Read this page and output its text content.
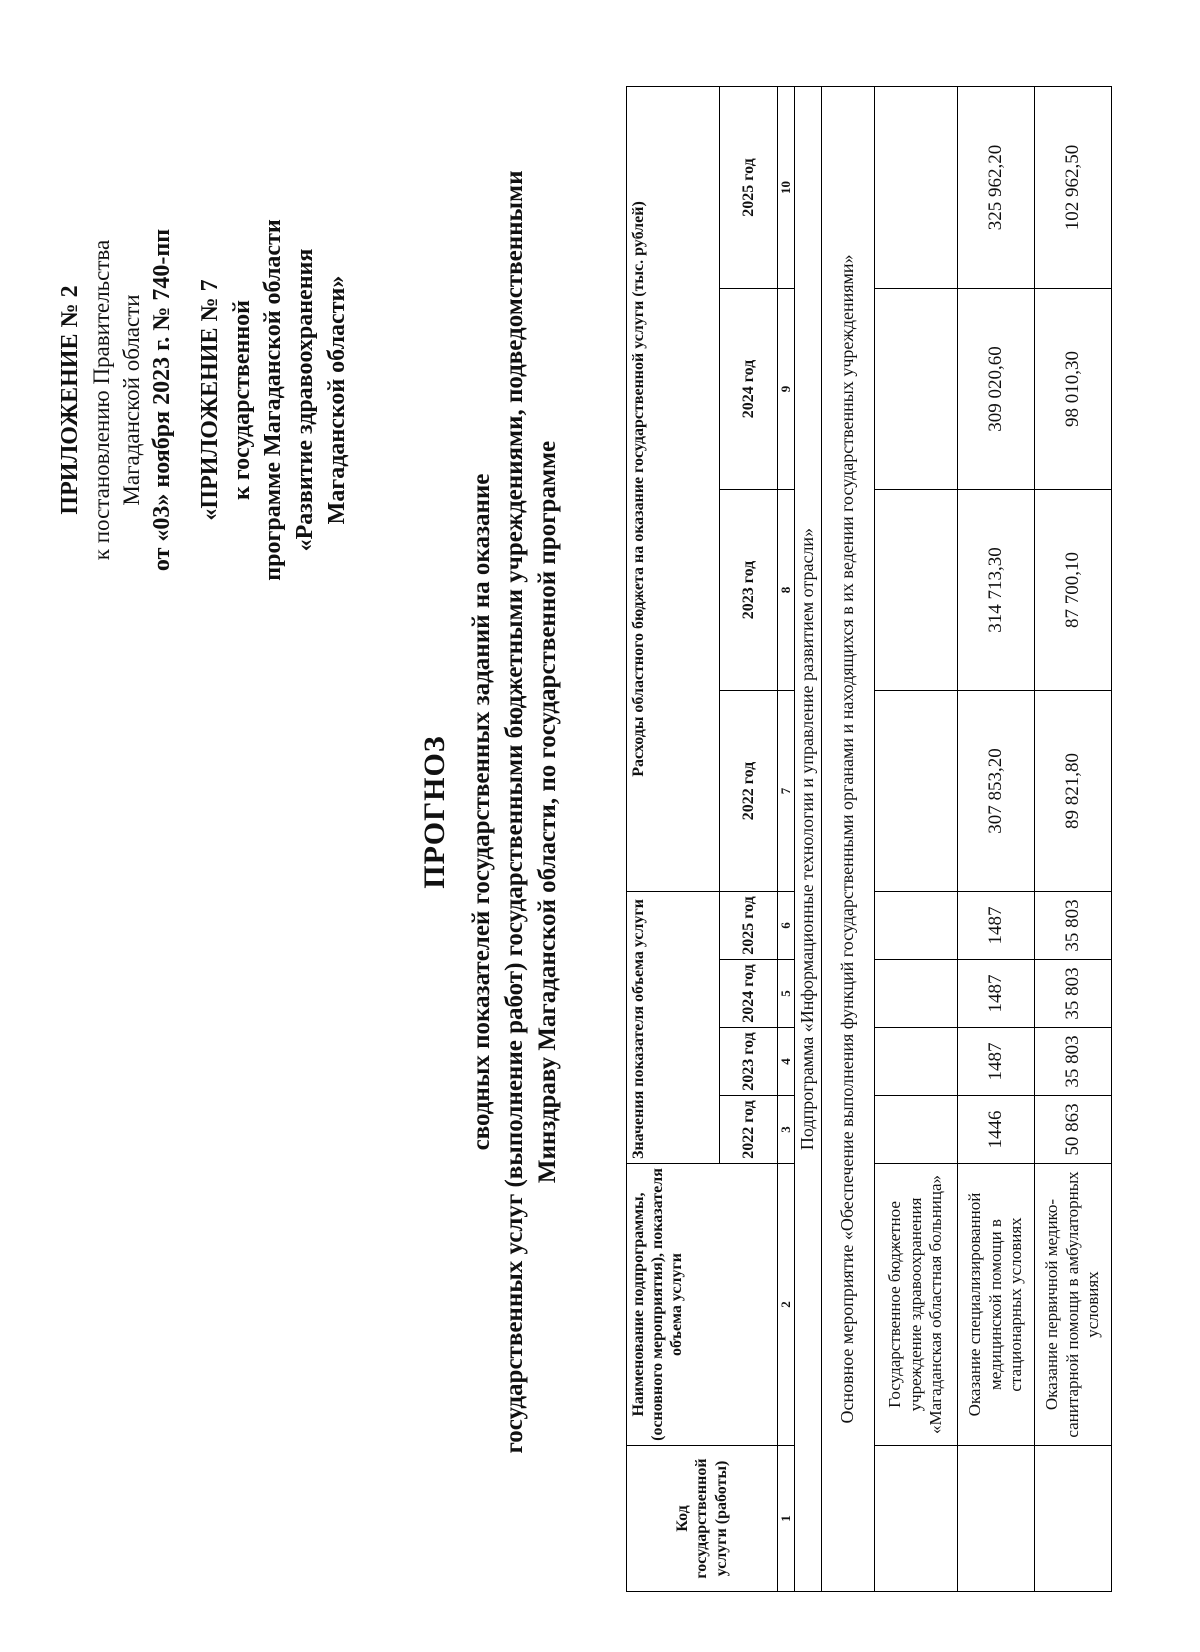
ПРИЛОЖЕНИЕ № 2 к постановлению Правительства Магаданской области от «03» ноября 2023 г. № 740-пп «ПРИЛОЖЕНИЕ № 7 к государственной программе Магаданской области «Развитие здравоохранения Магаданской области»
ПРОГНОЗ сводных показателей государственных заданий на оказание государственных услуг (выполнение работ) государственными бюджетными учреждениями, подведомственными Минздраву Магаданской области, по государственной программе
Код государственной услуги (работы)	Наименование подпрограммы, (основного мероприятия), показателя объема услуги	Значения показателя объема услуги				Расходы областного бюджета на оказание государственной услуги (тыс. рублей)			
		2022 год	2023 год	2024 год	2025 год	2022 год	2023 год	2024 год	2025 год
1	2	3	4	5	6	7	8	9	10
Подпрограмма «Информационные технологии и управление развитием отрасли»									
Основное мероприятие «Обеспечение выполнения функций государственными органами и находящихся в их ведении государственных учреждениями»									
	Государственное бюджетное учреждение здравоохранения «Магаданская областная больница»								
	Оказание специализированной медицинской помощи в стационарных условиях	1446	1487	1487	1487	307 853,20	314 713,30	309 020,60	325 962,20
	Оказание первичной медико-санитарной помощи в амбулаторных условиях	50 863	35 803	35 803	35 803	89 821,80	87 700,10	98 010,30	102 962,50
